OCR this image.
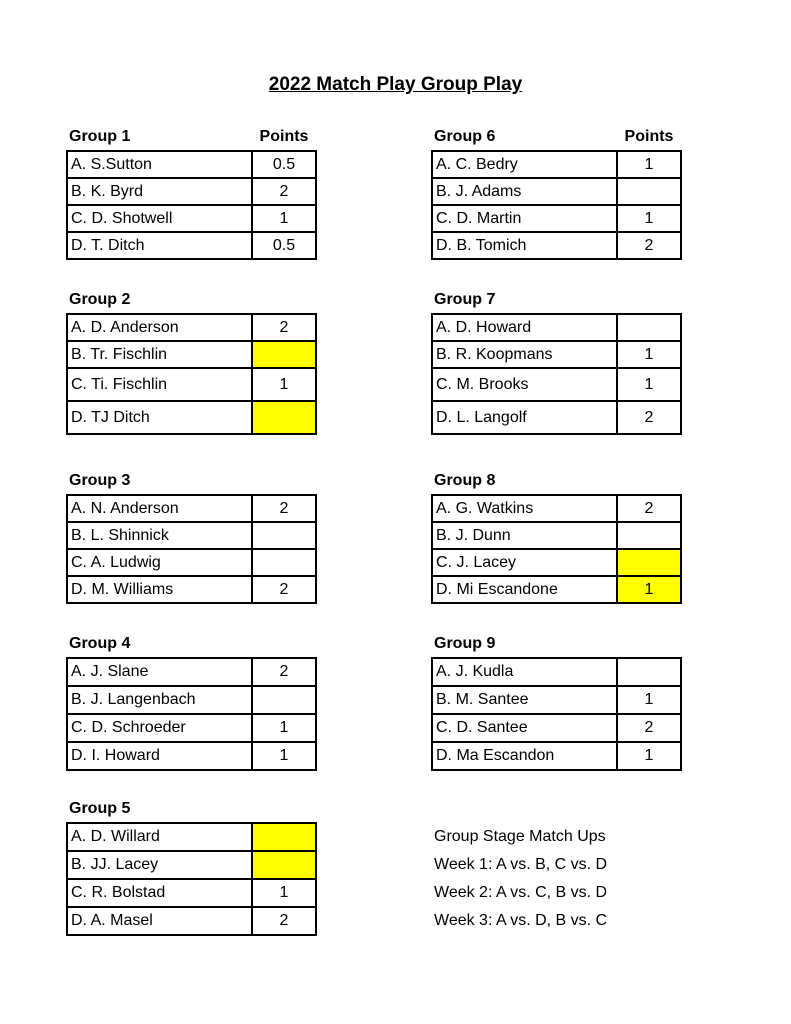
2022 Match Play Group Play
Group 1	Points
A. S.Sutton	0.5
B. K. Byrd	2
C. D. Shotwell	1
D. T. Ditch	0.5
Group 2
A. D. Anderson	2
B. Tr. Fischlin	
C. Ti. Fischlin	1
D. TJ Ditch	
Group 3
A. N. Anderson	2
B. L. Shinnick	
C. A. Ludwig	
D. M. Williams	2
Group 4
A. J. Slane	2
B. J. Langenbach	
C. D. Schroeder	1
D. I. Howard	1
Group 5
A. D. Willard	
B. JJ. Lacey	
C. R. Bolstad	1
D. A. Masel	2
Group 6	Points
A. C. Bedry	1
B. J. Adams	
C. D. Martin	1
D. B. Tomich	2
Group 7
A. D. Howard	
B. R. Koopmans	1
C. M. Brooks	1
D. L. Langolf	2
Group 8
A. G. Watkins	2
B. J. Dunn	
C. J. Lacey	
D. Mi Escandone	1
Group 9
A. J. Kudla	
B. M. Santee	1
C. D. Santee	2
D. Ma Escandon	1
Group Stage Match Ups
Week 1: A vs. B, C vs. D
Week 2: A vs. C, B vs. D
Week 3: A vs. D, B vs. C
